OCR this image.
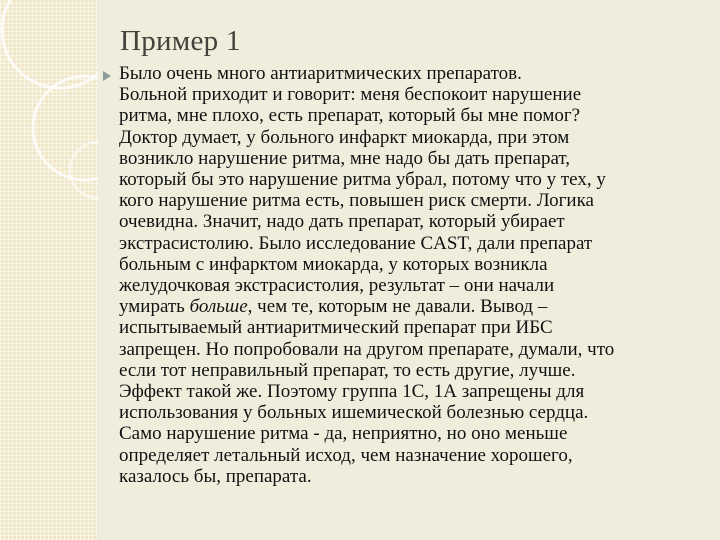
Пример 1
Было очень много антиаритмических препаратов.
Больной приходит и говорит: меня беспокоит нарушение
ритма, мне плохо, есть препарат, который бы мне помог?
Доктор думает, у больного инфаркт миокарда, при этом
возникло нарушение ритма, мне надо бы дать препарат,
который бы это нарушение ритма убрал, потому что у тех, у
кого нарушение ритма есть, повышен риск смерти. Логика
очевидна. Значит, надо дать препарат, который убирает
экстрасистолию. Было исследование CAST, дали препарат
больным с инфарктом миокарда, у которых возникла
желудочковая экстрасистолия, результат – они начали
умирать больше, чем те, которым не давали. Вывод –
испытываемый антиаритмический препарат при ИБС
запрещен. Но попробовали на другом препарате, думали, что
если тот неправильный препарат, то есть другие, лучше.
Эффект такой же. Поэтому группа 1С, 1А запрещены для
использования у больных ишемической болезнью сердца.
Само нарушение ритма - да, неприятно, но оно меньше
определяет летальный исход, чем назначение хорошего,
казалось бы, препарата.
